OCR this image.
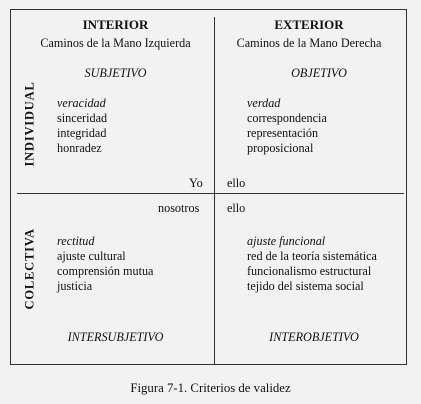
INTERIOR
Caminos de la Mano Izquierda
EXTERIOR
Caminos de la Mano Derecha
SUBJETIVO	OBJETIVO
INDIVIDUAL
COLECTIVA
veracidad
sinceridad
integridad
honradez
verdad
correspondencia
representación
proposicional
Yo ello
nosotros ello
rectitud
ajuste cultural
comprensión mutua
justicia
ajuste funcional
red de la teoría sistemática
funcionalismo estructural
tejido del sistema social
INTERSUBJETIVO	INTEROBJETIVO
Figura 7-1. Criterios de validez
